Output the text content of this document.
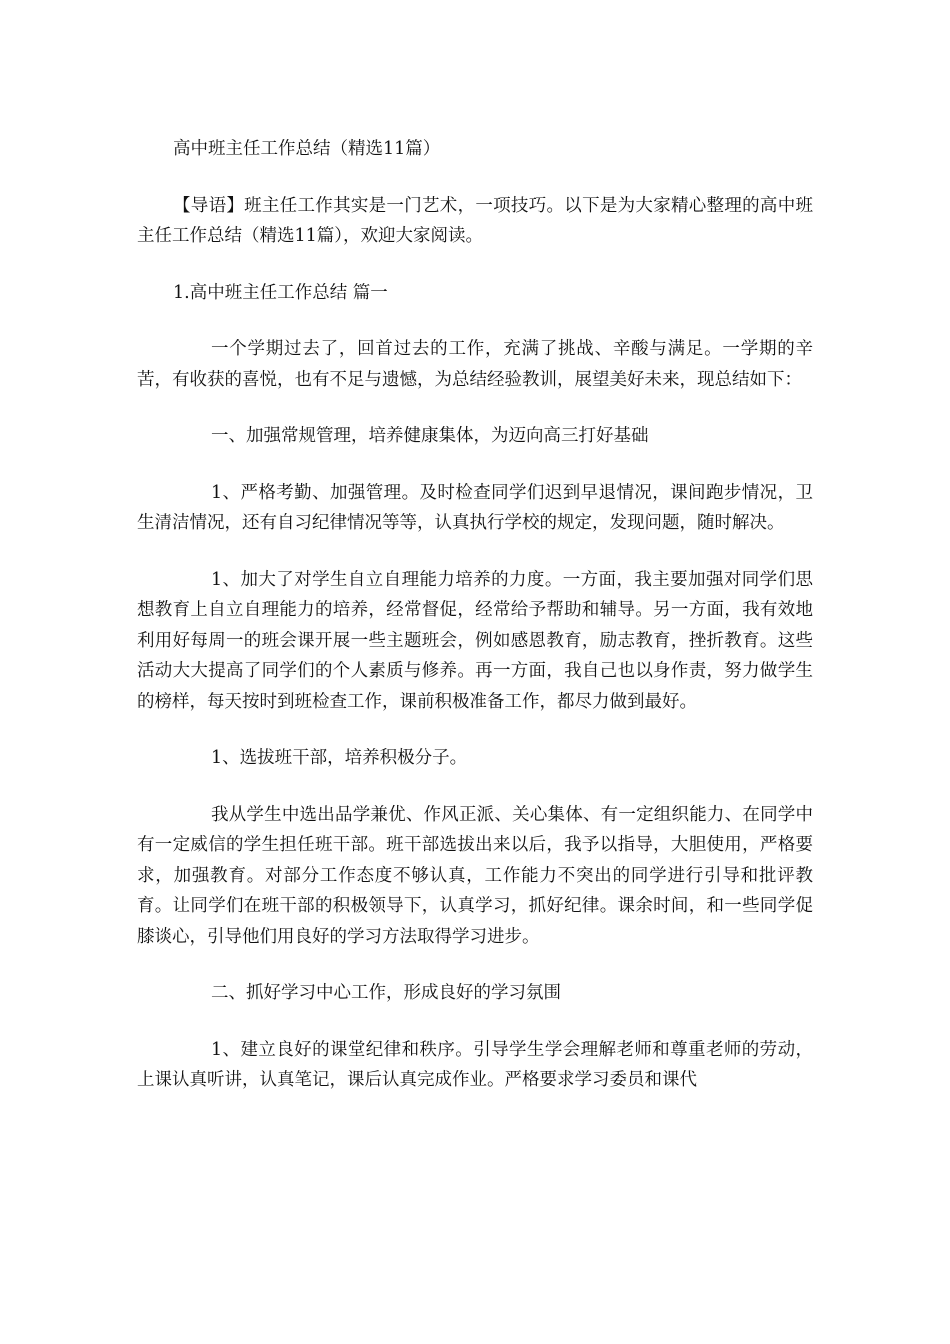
高中班主任工作总结（精选11篇）

【导语】班主任工作其实是一门艺术，一项技巧。以下是为大家精心整理的高中班主任工作总结（精选11篇），欢迎大家阅读。

1.高中班主任工作总结 篇一

一个学期过去了，回首过去的工作，充满了挑战、辛酸与满足。一学期的辛苦，有收获的喜悦，也有不足与遗憾，为总结经验教训，展望美好未来，现总结如下：

一、加强常规管理，培养健康集体，为迈向高三打好基础

1、严格考勤、加强管理。及时检查同学们迟到早退情况，课间跑步情况，卫生清洁情况，还有自习纪律情况等等，认真执行学校的规定，发现问题，随时解决。

1、加大了对学生自立自理能力培养的力度。一方面，我主要加强对同学们思想教育上自立自理能力的培养，经常督促，经常给予帮助和辅导。另一方面，我有效地利用好每周一的班会课开展一些主题班会，例如感恩教育，励志教育，挫折教育。这些活动大大提高了同学们的个人素质与修养。再一方面，我自己也以身作责，努力做学生的榜样，每天按时到班检查工作，课前积极准备工作，都尽力做到最好。

1、选拔班干部，培养积极分子。

我从学生中选出品学兼优、作风正派、关心集体、有一定组织能力、在同学中有一定威信的学生担任班干部。班干部选拔出来以后，我予以指导，大胆使用，严格要求，加强教育。对部分工作态度不够认真，工作能力不突出的同学进行引导和批评教育。让同学们在班干部的积极领导下，认真学习，抓好纪律。课余时间，和一些同学促膝谈心，引导他们用良好的学习方法取得学习进步。

二、抓好学习中心工作，形成良好的学习氛围

1、建立良好的课堂纪律和秩序。引导学生学会理解老师和尊重老师的劳动，上课认真听讲，认真笔记，课后认真完成作业。严格要求学习委员和课代
